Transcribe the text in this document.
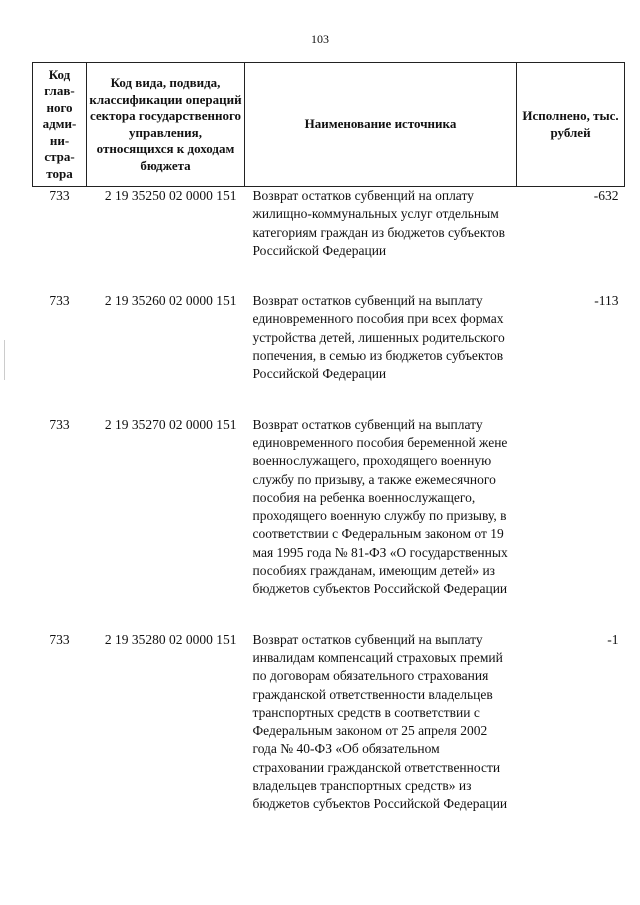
103
Код глав-ного адми-ни-стра-тора	Код вида, подвида, классификации операций сектора государственного управления, относящихся к доходам бюджета	Наименование источника	Исполнено, тыс. рублей
733	2 19 35250 02 0000 151	Возврат остатков субвенций на оплату жилищно-коммунальных услуг отдельным категориям граждан из бюджетов субъектов Российской Федерации	-632

733	2 19 35260 02 0000 151	Возврат остатков субвенций на выплату единовременного пособия при всех формах устройства детей, лишенных родительского попечения, в семью из бюджетов субъектов Российской Федерации	-113

733	2 19 35270 02 0000 151	Возврат остатков субвенций на выплату единовременного пособия беременной жене военнослужащего, проходящего военную службу по призыву, а также ежемесячного пособия на ребенка военнослужащего, проходящего военную службу по призыву, в соответствии с Федеральным законом от 19 мая 1995 года № 81-ФЗ «О государственных пособиях гражданам, имеющим детей» из бюджетов субъектов Российской Федерации	

733	2 19 35280 02 0000 151	Возврат остатков субвенций на выплату инвалидам компенсаций страховых премий по договорам обязательного страхования гражданской ответственности владельцев транспортных средств в соответствии с Федеральным законом от 25 апреля 2002 года № 40-ФЗ «Об обязательном страховании гражданской ответственности владельцев транспортных средств» из бюджетов субъектов Российской Федерации	-1
